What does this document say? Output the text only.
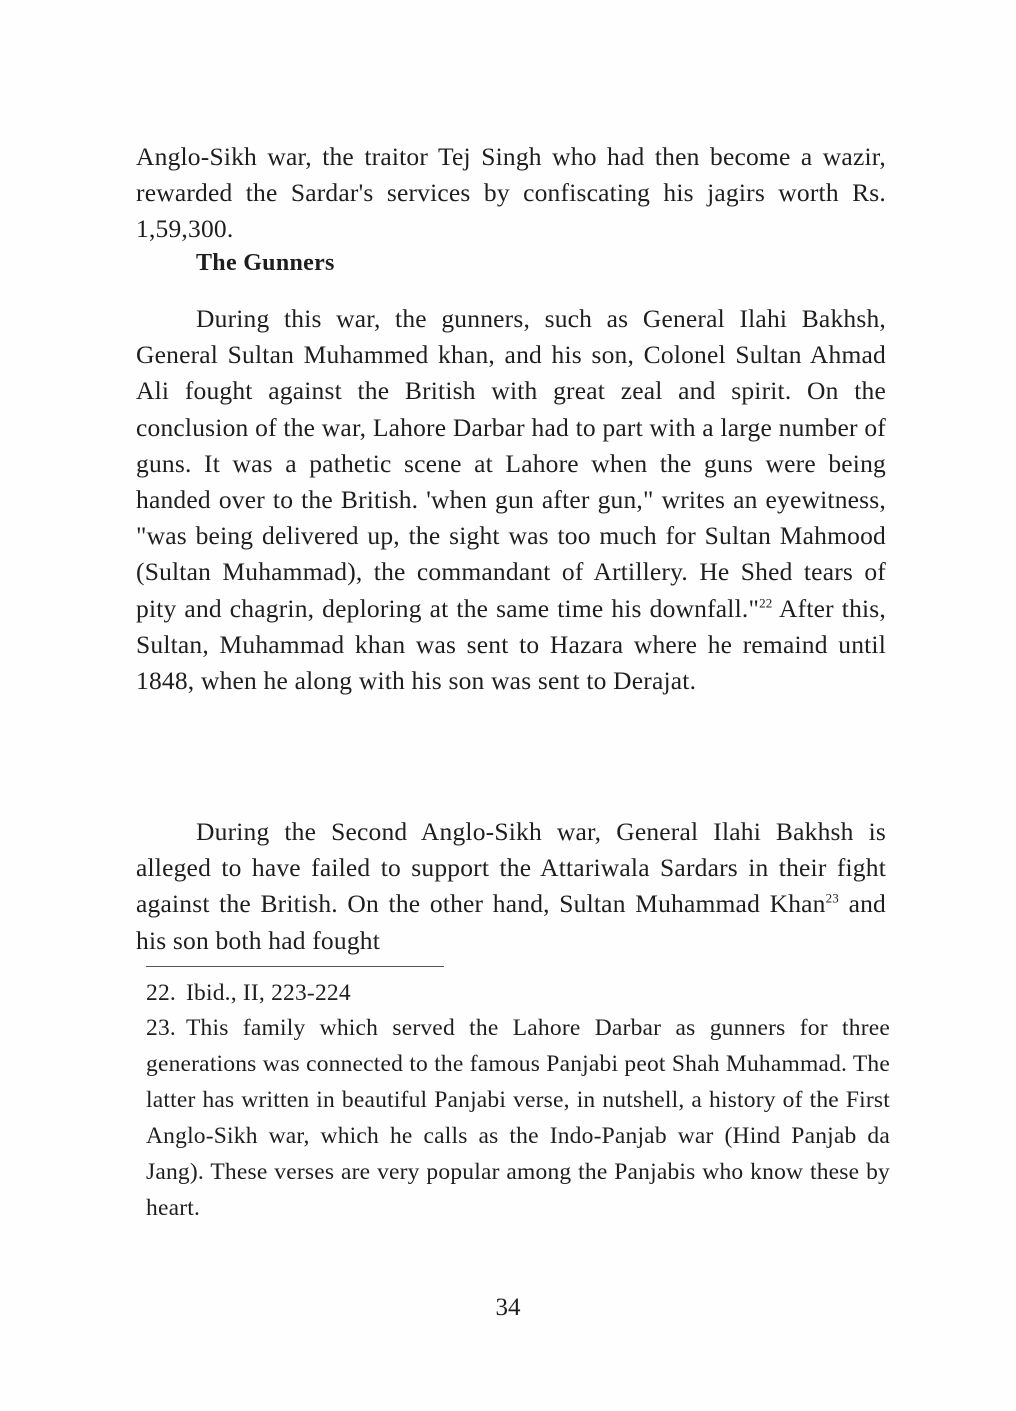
Anglo-Sikh war, the traitor Tej Singh who had then become a wazir, rewarded the Sardar's services by confiscating his jagirs worth Rs. 1,59,300.

The Gunners

During this war, the gunners, such as General Ilahi Bakhsh, General Sultan Muhammed khan, and his son, Colonel Sultan Ahmad Ali fought against the British with great zeal and spirit. On the conclusion of the war, Lahore Darbar had to part with a large number of guns. It was a pathetic scene at Lahore when the guns were being handed over to the British. 'when gun after gun," writes an eyewitness, "was being delivered up, the sight was too much for Sultan Mahmood (Sultan Muhammad), the commandant of Artillery. He Shed tears of pity and chagrin, deploring at the same time his downfall."$^{22}$ After this, Sultan, Muhammad khan was sent to Hazara where he remaind until 1848, when he along with his son was sent to Derajat.

During the Second Anglo-Sikh war, General Ilahi Bakhsh is alleged to have failed to support the Attariwala Sardars in their fight against the British. On the other hand, Sultan Muhammad Khan$^{23}$ and his son both had fought

22. Ibid., II, 223-224
23. This family which served the Lahore Darbar as gunners for three generations was connected to the famous Panjabi peot Shah Muhammad. The latter has written in beautiful Panjabi verse, in nutshell, a history of the First Anglo-Sikh war, which he calls as the Indo-Panjab war (Hind Panjab da Jang). These verses are very popular among the Panjabis who know these by heart.
34
